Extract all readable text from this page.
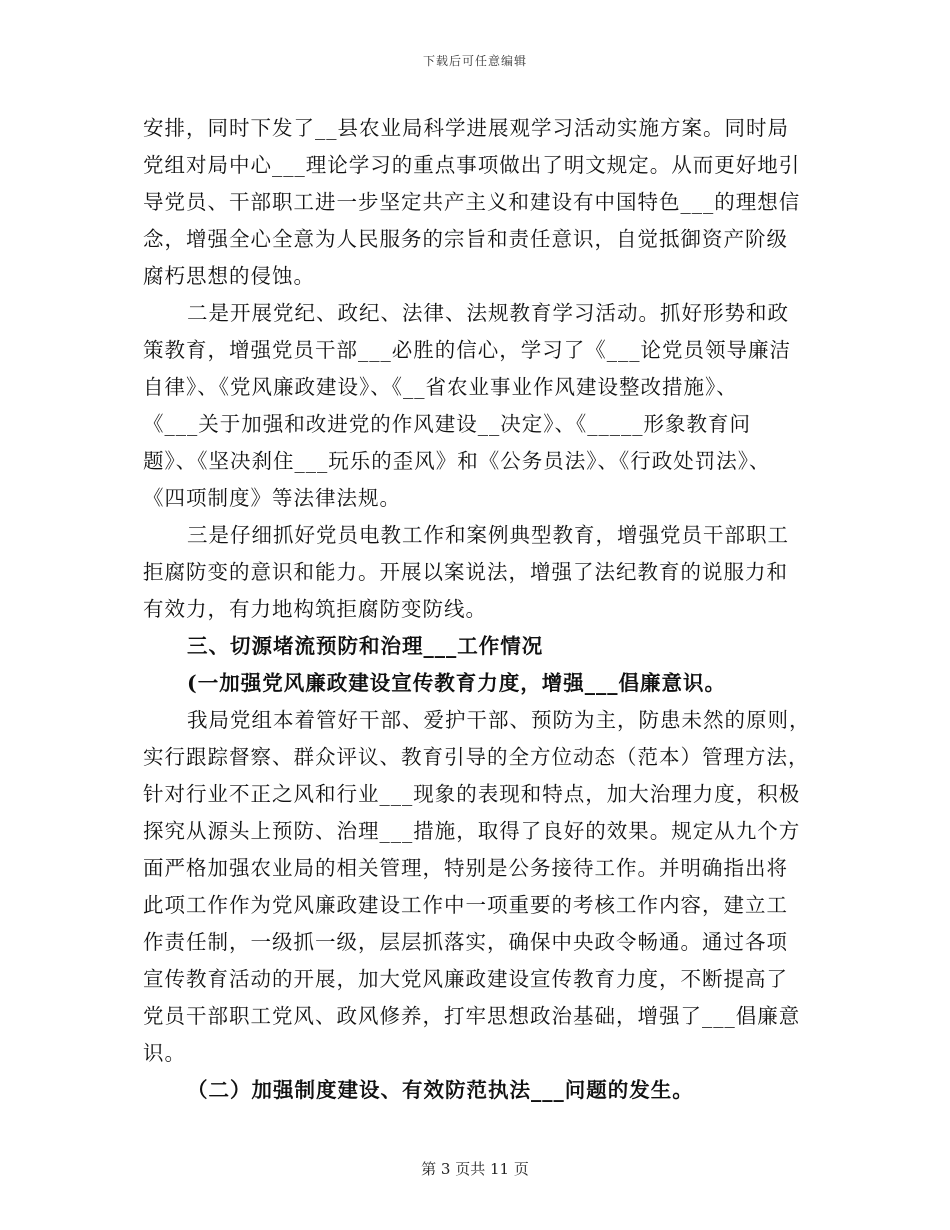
下载后可任意编辑
安排，同时下发了__县农业局科学进展观学习活动实施方案。同时局
党组对局中心___理论学习的重点事项做出了明文规定。从而更好地引
导党员、干部职工进一步坚定共产主义和建设有中国特色___的理想信
念，增强全心全意为人民服务的宗旨和责任意识，自觉抵御资产阶级
腐朽思想的侵蚀。
二是开展党纪、政纪、法律、法规教育学习活动。抓好形势和政
策教育，增强党员干部___必胜的信心，学习了《___论党员领导廉洁
自律》、《党风廉政建设》、《__省农业事业作风建设整改措施》、
《___关于加强和改进党的作风建设__决定》、《_____形象教育问
题》、《坚决刹住___玩乐的歪风》和《公务员法》、《行政处罚法》、
《四项制度》等法律法规。
三是仔细抓好党员电教工作和案例典型教育，增强党员干部职工
拒腐防变的意识和能力。开展以案说法，增强了法纪教育的说服力和
有效力，有力地构筑拒腐防变防线。
三、切源堵流预防和治理___工作情况
(一加强党风廉政建设宣传教育力度，增强___倡廉意识。
我局党组本着管好干部、爱护干部、预防为主，防患未然的原则，
实行跟踪督察、群众评议、教育引导的全方位动态（范本）管理方法，
针对行业不正之风和行业___现象的表现和特点，加大治理力度，积极
探究从源头上预防、治理___措施，取得了良好的效果。规定从九个方
面严格加强农业局的相关管理，特别是公务接待工作。并明确指出将
此项工作作为党风廉政建设工作中一项重要的考核工作内容，建立工
作责任制，一级抓一级，层层抓落实，确保中央政令畅通。通过各项
宣传教育活动的开展，加大党风廉政建设宣传教育力度，不断提高了
党员干部职工党风、政风修养，打牢思想政治基础，增强了___倡廉意
识。
（二）加强制度建设、有效防范执法___问题的发生。
第 3 页共 11 页
